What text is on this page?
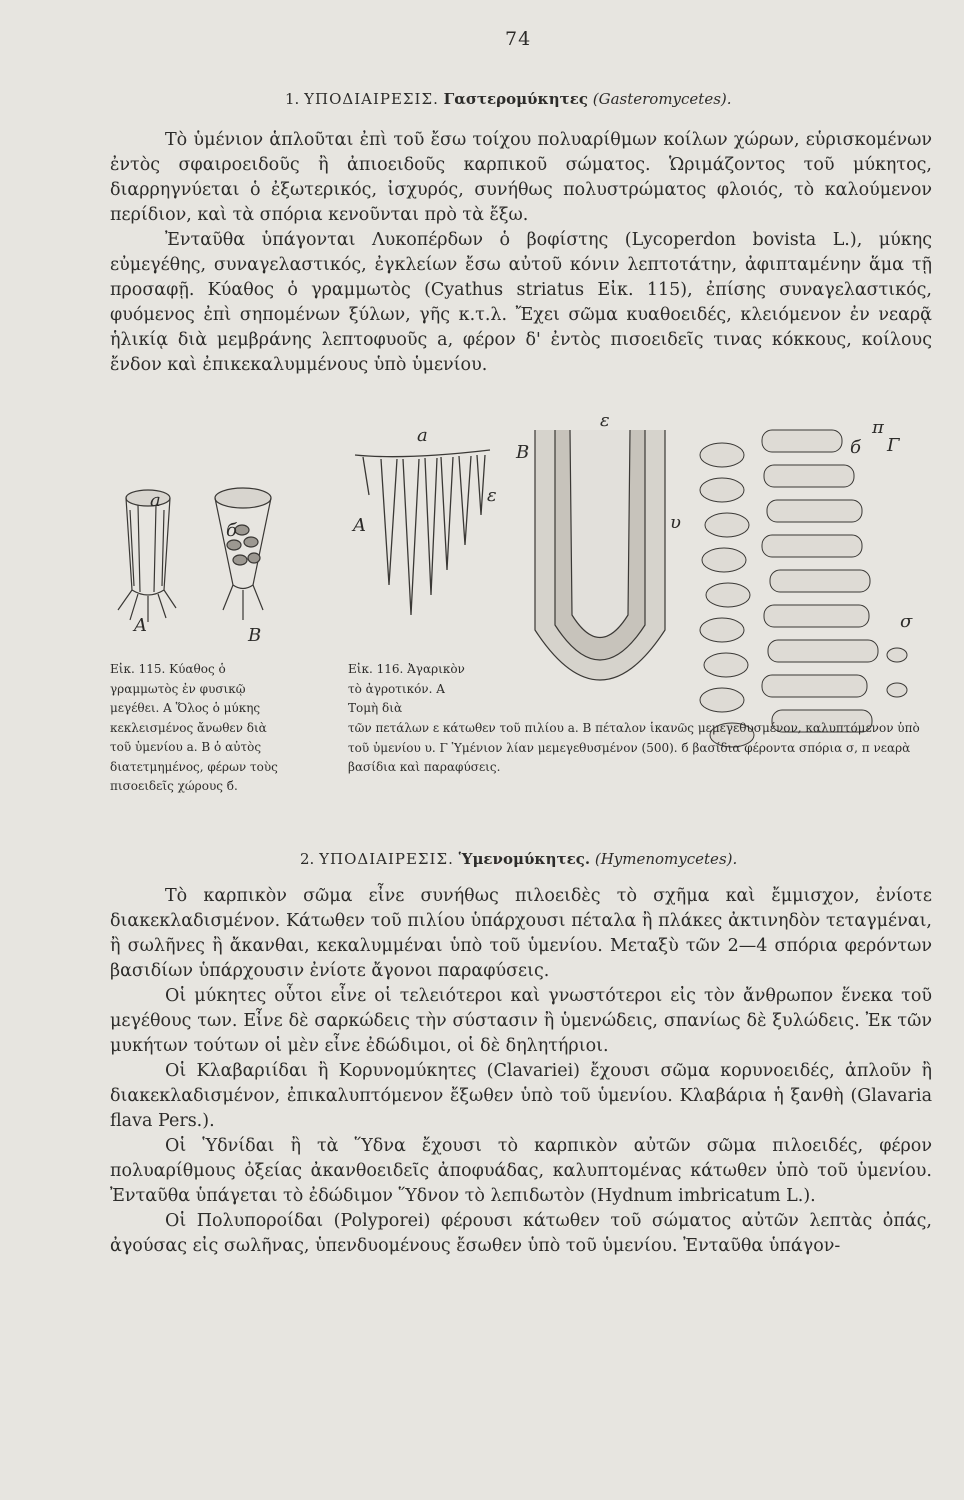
74
1. ΥΠΟΔΙΑΙΡΕΣΙΣ. Γαστερομύκητες (Gasteromycetes).

Τὸ ὑμένιον ἁπλοῦται ἐπὶ τοῦ ἔσω τοίχου πολυαρίθμων κοίλων χώρων, εὑρισκομένων ἐντὸς σφαιροειδοῦς ἢ ἀπιοειδοῦς καρπικοῦ σώματος. Ὡριμάζοντος τοῦ μύκητος, διαρρηγνύεται ὁ ἐξωτερικός, ἰσχυρός, συνήθως πολυστρώματος φλοιός, τὸ καλούμενον περίδιον, καὶ τὰ σπόρια κενοῦνται πρὸ τὰ ἔξω.

Ἐνταῦθα ὑπάγονται Λυκοπέρδων ὁ βοφίστης (Lycoperdon bovista L.), μύκης εὐμεγέθης, συναγελαστικός, ἐγκλείων ἔσω αὐτοῦ κόνιν λεπτοτάτην, ἀφιπταμένην ἅμα τῇ προσαφῇ. Κύαθος ὁ γραμμωτὸς (Cyathus striatus Εἰκ. 115), ἐπίσης συναγελαστικός, φυόμενος ἐπὶ σηπομένων ξύλων, γῆς κ.τ.λ. Ἔχει σῶμα κυαθοειδές, κλειόμενον ἐν νεαρᾷ ἡλικίᾳ διὰ μεμβράνης λεπτοφυοῦς a, φέρον δ' ἐντὸς πισοειδεῖς τινας κόκκους, κοίλους ἔνδον καὶ ἐπικεκαλυμμένους ὑπὸ ὑμενίου.

a
A
б
B
a
A
ε
B
υ
ε
Γ
б
π
σ
Εἰκ. 115. Κύαθος ὁ γραμμωτὸς ἐν φυσικῷ μεγέθει. A Ὅλος ὁ μύκης κεκλεισμένος ἄνωθεν διὰ τοῦ ὑμενίου a. B ὁ αὐτὸς διατετμημένος, φέρων τοὺς πισοειδεῖς χώρους б.
Εἰκ. 116. Ἀγαρικὸν τὸ ἀγροτικόν. A Τομὴ διὰ
τῶν πετάλων ε κάτωθεν τοῦ πιλίου a. B πέταλον ἱκανῶς μεμεγεθυσμένον, καλυπτόμενον ὑπὸ τοῦ ὑμενίου υ. Γ Ὑμένιον λίαν μεμεγεθυσμένον (500). б βασίδια φέροντα σπόρια σ, π νεαρὰ βασίδια καὶ παραφύσεις.
2. ΥΠΟΔΙΑΙΡΕΣΙΣ. Ὑμενομύκητες. (Hymenomycetes).

Τὸ καρπικὸν σῶμα εἶνε συνήθως πιλοειδὲς τὸ σχῆμα καὶ ἔμμισχον, ἐνίοτε διακεκλαδισμένον. Κάτωθεν τοῦ πιλίου ὑπάρχουσι πέταλα ἢ πλάκες ἀκτινηδὸν τεταγμέναι, ἢ σωλῆνες ἢ ἄκανθαι, κεκαλυμμέναι ὑπὸ τοῦ ὑμενίου. Μεταξὺ τῶν 2—4 σπόρια φερόντων βασιδίων ὑπάρχουσιν ἐνίοτε ἄγονοι παραφύσεις.

Οἱ μύκητες οὗτοι εἶνε οἱ τελειότεροι καὶ γνωστότεροι εἰς τὸν ἄνθρωπον ἕνεκα τοῦ μεγέθους των. Εἶνε δὲ σαρκώδεις τὴν σύστασιν ἢ ὑμενώδεις, σπανίως δὲ ξυλώδεις. Ἐκ τῶν μυκήτων τούτων οἱ μὲν εἶνε ἐδώδιμοι, οἱ δὲ δηλητήριοι.

Οἱ Κλαβαριίδαι ἢ Κορυνομύκητες (Clavariei) ἔχουσι σῶμα κορυνοειδές, ἁπλοῦν ἢ διακεκλαδισμένον, ἐπικαλυπτόμενον ἔξωθεν ὑπὸ τοῦ ὑμενίου. Κλαβάρια ἡ ξανθὴ (Glavaria flava Pers.).

Οἱ Ὑδνίδαι ἢ τὰ Ὕδνα ἔχουσι τὸ καρπικὸν αὐτῶν σῶμα πιλοειδές, φέρον πολυαρίθμους ὀξείας ἀκανθοειδεῖς ἀποφυάδας, καλυπτομένας κάτωθεν ὑπὸ τοῦ ὑμενίου. Ἐνταῦθα ὑπάγεται τὸ ἐδώδιμον Ὕδνον τὸ λεπιδωτὸν (Hydnum imbricatum L.).

Οἱ Πολυποροίδαι (Polyporei) φέρουσι κάτωθεν τοῦ σώματος αὐτῶν λεπτὰς ὀπάς, ἀγούσας εἰς σωλῆνας, ὑπενδυομένους ἔσωθεν ὑπὸ τοῦ ὑμενίου. Ἐνταῦθα ὑπάγον-
